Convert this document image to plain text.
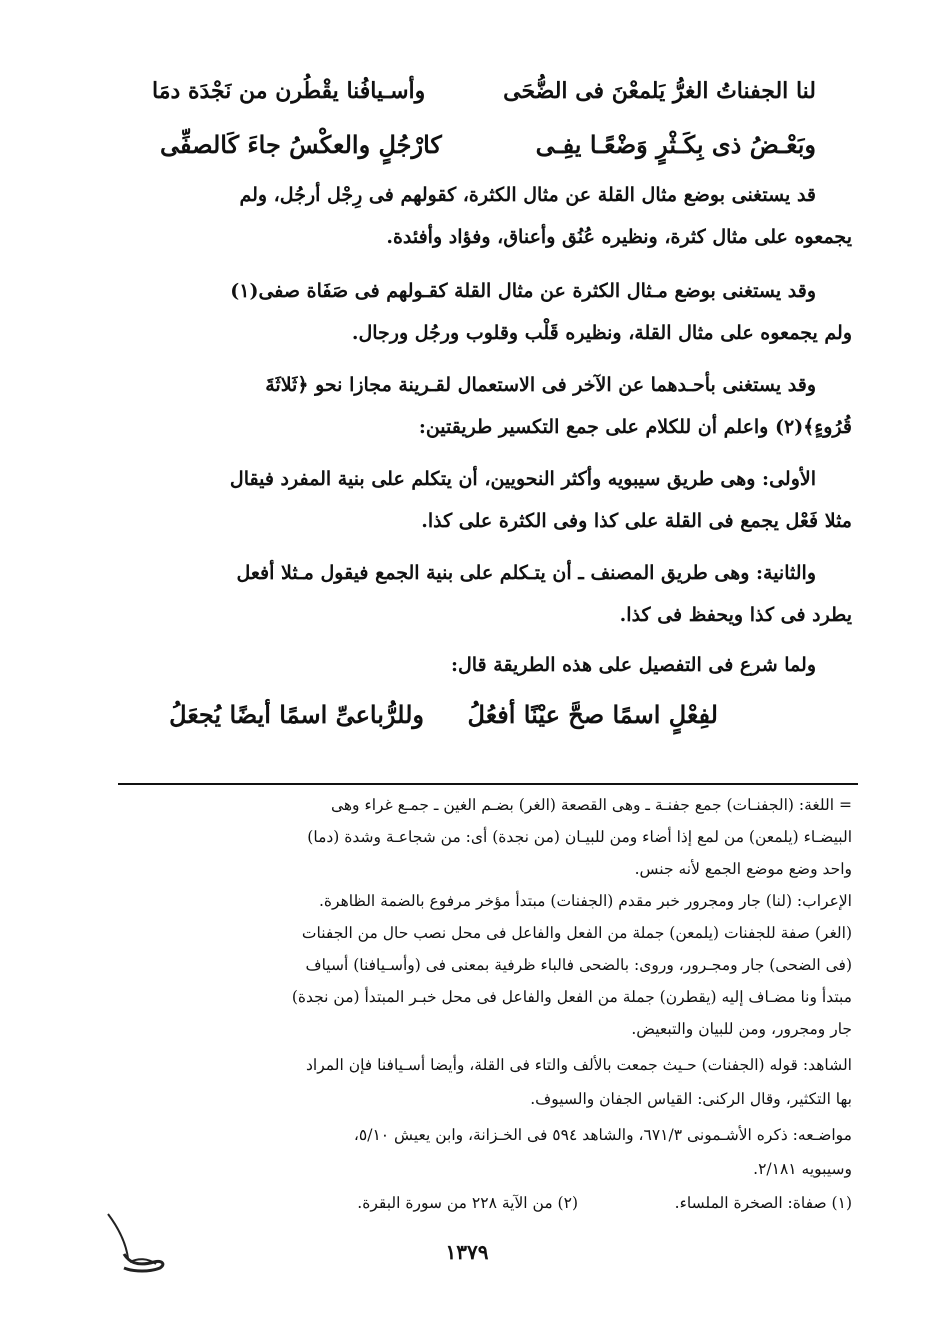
لنا الجفناتُ الغرُّ يَلمعْنَ فى الضُّحَى
وأسـيافُنا يقْطُرن من نَجْدَة دمَا
وبَعْـضُ ذى بِكَـثْرٍ وَضْعًـا يفِـى
كارْجُلٍ والعكْسُ جاءَ كَالصفِّى
قد يستغنى بوضع مثال القلة عن مثال الكثرة، كقولهم فى رِجْل أرجُل، ولم
يجمعوه على مثال كثرة، ونظيره عُنُق وأعناق، وفؤاد وأفئدة.
وقد يستغنى بوضع مـثال الكثرة عن مثال القلة كقـولهم فى صَفَاة صفى(١)
ولم يجمعوه على مثال القلة، ونظيره قَلْب وقلوب ورجُل ورجال.
وقد يستغنى بأحـدهما عن الآخر فى الاستعمال لقـرينة مجازا نحو ﴿ثَلاثَةَ
قُرُوءٍ﴾(٢) واعلم أن للكلام على جمع التكسير طريقتين:
الأولى: وهى طريق سيبويه وأكثر النحويين، أن يتكلم على بنية المفرد فيقال
مثلا فَعْل يجمع فى القلة على كذا وفى الكثرة على كذا.
والثانية: وهى طريق المصنف ـ أن يتـكلم على بنية الجمع فيقول مـثلا أفعل
يطرد فى كذا ويحفظ فى كذا.
ولما شرع فى التفصيل على هذه الطريقة قال:
لفِعْلٍ اسمًا صحَّ عيْنًا أفعُلُ
وللرُّباعىِّ اسمًا أيضًا يُجعَلُ
= اللغة: (الجفنـات) جمع جفنـة ـ وهى القصعة (الغر) بضـم الغين ـ جمـع غراء وهى
البيضـاء (يلمعن) من لمع إذا أضاء ومن للبيـان (من نجدة) أى: من شجاعـة وشدة (دما)
واحد وضع موضع الجمع لأنه جنس.
الإعراب: (لنا) جار ومجرور خبر مقدم (الجفنات) مبتدأ مؤخر مرفوع بالضمة الظاهرة.
(الغر) صفة للجفنات (يلمعن) جملة من الفعل والفاعل فى محل نصب حال من الجفنات
(فى الضحى) جار ومجـرور، وروى: بالضحى فالباء ظرفية بمعنى فى (وأسـيافنا) أسياف
مبتدأ ونا مضـاف إليه (يقطرن) جملة من الفعل والفاعل فى محل خبـر المبتدأ (من نجدة)
جار ومجرور، ومن للبيان والتبعيض.
الشاهد: قوله (الجفنات) حـيث جمعت بالألف والتاء فى القلة، وأيضا أسـيافنا فإن المراد
بها التكثير، وقال الركنى: القياس الجفان والسيوف.
مواضـعه: ذكره الأشـمونى ٦٧١/٣، والشاهد ٥٩٤ فى الخـزانة، وابن يعيش ٥/١٠،
وسيبويه ٢/١٨١.
(١) صفاة: الصخرة الملساء.
(٢) من الآية ٢٢٨ من سورة البقرة.
١٣٧٩
